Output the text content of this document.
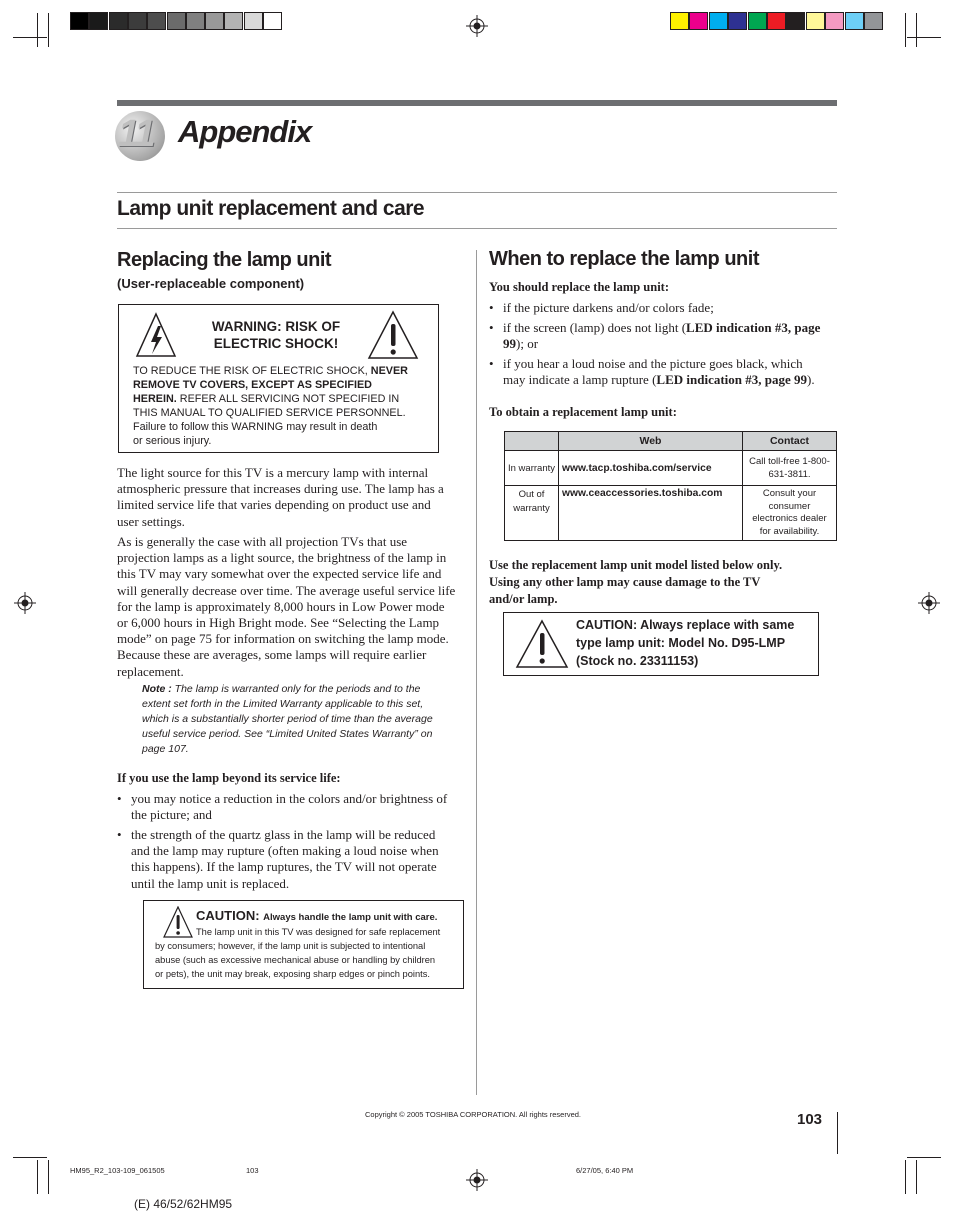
11 Appendix
Lamp unit replacement and care
Replacing the lamp unit
(User-replaceable component)
WARNING: RISK OF
ELECTRIC SHOCK!
TO REDUCE THE RISK OF ELECTRIC SHOCK, NEVER
REMOVE TV COVERS, EXCEPT AS SPECIFIED
HEREIN. REFER ALL SERVICING NOT SPECIFIED IN
THIS MANUAL TO QUALIFIED SERVICE PERSONNEL.
Failure to follow this WARNING may result in death
or serious injury.
The light source for this TV is a mercury lamp with internal
atmospheric pressure that increases during use. The lamp has a
limited service life that varies depending on product use and
user settings.
As is generally the case with all projection TVs that use
projection lamps as a light source, the brightness of the lamp in
this TV may vary somewhat over the expected service life and
will generally decrease over time. The average useful service life
for the lamp is approximately 8,000 hours in Low Power mode
or 6,000 hours in High Bright mode. See “Selecting the Lamp
mode” on page 75 for information on switching the lamp mode.
Because these are averages, some lamps will require earlier
replacement.
Note : The lamp is warranted only for the periods and to the
extent set forth in the Limited Warranty applicable to this set,
which is a substantially shorter period of time than the average
useful service period. See “Limited United States Warranty” on
page 107.
If you use the lamp beyond its service life:
• you may notice a reduction in the colors and/or brightness of
the picture; and
• the strength of the quartz glass in the lamp will be reduced
and the lamp may rupture (often making a loud noise when
this happens). If the lamp ruptures, the TV will not operate
until the lamp unit is replaced.
CAUTION: Always handle the lamp unit with care.
The lamp unit in this TV was designed for safe replacement
by consumers; however, if the lamp unit is subjected to intentional
abuse (such as excessive mechanical abuse or handling by children
or pets), the unit may break, exposing sharp edges or pinch points.
When to replace the lamp unit
You should replace the lamp unit:
• if the picture darkens and/or colors fade;
• if the screen (lamp) does not light (LED indication #3, page
99); or
• if you hear a loud noise and the picture goes black, which
may indicate a lamp rupture (LED indication #3, page 99).
To obtain a replacement lamp unit:
	Web	Contact
In warranty	www.tacp.toshiba.com/service	Call toll-free 1-800-631-3811.
Out of warranty	www.ceaccessories.toshiba.com	Consult your consumer electronics dealer for availability.
Use the replacement lamp unit model listed below only.
Using any other lamp may cause damage to the TV
and/or lamp.
CAUTION: Always replace with same
type lamp unit: Model No. D95-LMP
(Stock no. 23311153)
Copyright © 2005 TOSHIBA CORPORATION. All rights reserved.	103
HM95_R2_103-109_061505	103	6/27/05, 6:40 PM
(E) 46/52/62HM95
